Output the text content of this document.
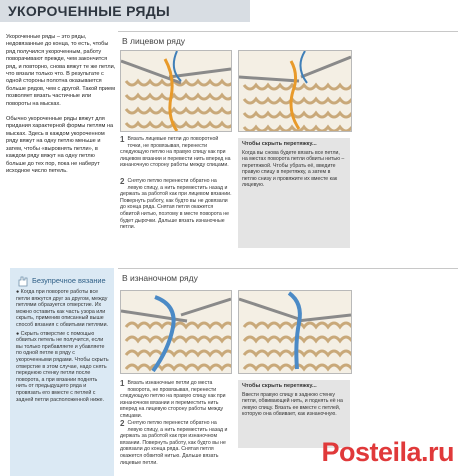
УКОРОЧЕННЫЕ РЯДЫ

Укороченные ряды – это ряды, недовязанные до конца, то есть, чтобы ряд получился укороченным, работу поворачивают прежде, чем закончится ряд, и повторно, снова вяжут те же петли, что вязали только что. В результате с одной стороны полотна оказывается больше рядов, чем с другой. Такой прием позволяет вязать частичные или повороты на мысках.

Обычно укороченные ряды вяжут для придания характерной формы петлям на мысках. Здесь в каждом укороченном ряду вяжут на одну петлю меньше и затем, чтобы «выровнять петли», в каждом ряду вяжут на одну петлю больше до тех пор, пока не наберут исходное число петель.

В лицевом ряду
1 Вязать лицевые петли до поворотной точки, не провязывая, перенести следующую петлю на правую спицу как при лицевом вязании и перевести нить вперед на изнаночную сторону работы между спицами.
2 Снятую петлю перенести обратно на левую спицу, а нить переместить назад и держать за работой как при лицевом вязании. Повернуть работу, как будто вы не довязали до конца ряда. Снятая петля окажется обвитой нитью, поэтому в месте поворота не будет дырочки. Дальше вязать изнаночные петли.
Чтобы скрыть перетяжку...
Когда вы снова будете вязать все петли, на местах поворота петли обвиты нитью – перетяжкой. Чтобы убрать её, введите правую спицу в перетяжку, а затем в петлю снизу и провяжите их вместе как лицевую.
В изнаночном ряду
1 Вязать изнаночные петли до места поворота, не провязывая, перенести следующую петлю на правую спицу как при изнаночном вязании и переместить нить вперед на лицевую сторону работы между спицами.
2 Снятую петлю перенести обратно на левую спицу, а нить переместить назад и держать за работой как при изнаночном вязании. Повернуть работу, как будто вы не довязали до конца ряда. Снятая петля окажется обвитой нитью. Дальше вязать лицевые петли.
Чтобы скрыть перетяжку...
Ввести правую спицу в заднюю стенку петли, обвивающей нить, и поднять её на левую спицу. Вязать ее вместе с петлей, которую она обвивает, как изнаночную.
Безупречное вязание

● Когда при повороте работы все петли вяжутся друг за другом, между петлями образуется отверстие. Их можно оставить как часть узора или скрыть, применив описанный выше способ вязания с обвитыми петлями.

● Скрыть отверстие с помощью обвитых петель не получится, если вы только прибавляете и убавляете по одной петле в ряду с укороченными рядами. Чтобы скрыть отверстие в этом случае, надо снять переднюю стенку петли после поворота, а при вязании поднять нить от предыдущего ряда и провязать его вместе с петлей с задней петли расположенной ниже.

Posteila.ru
